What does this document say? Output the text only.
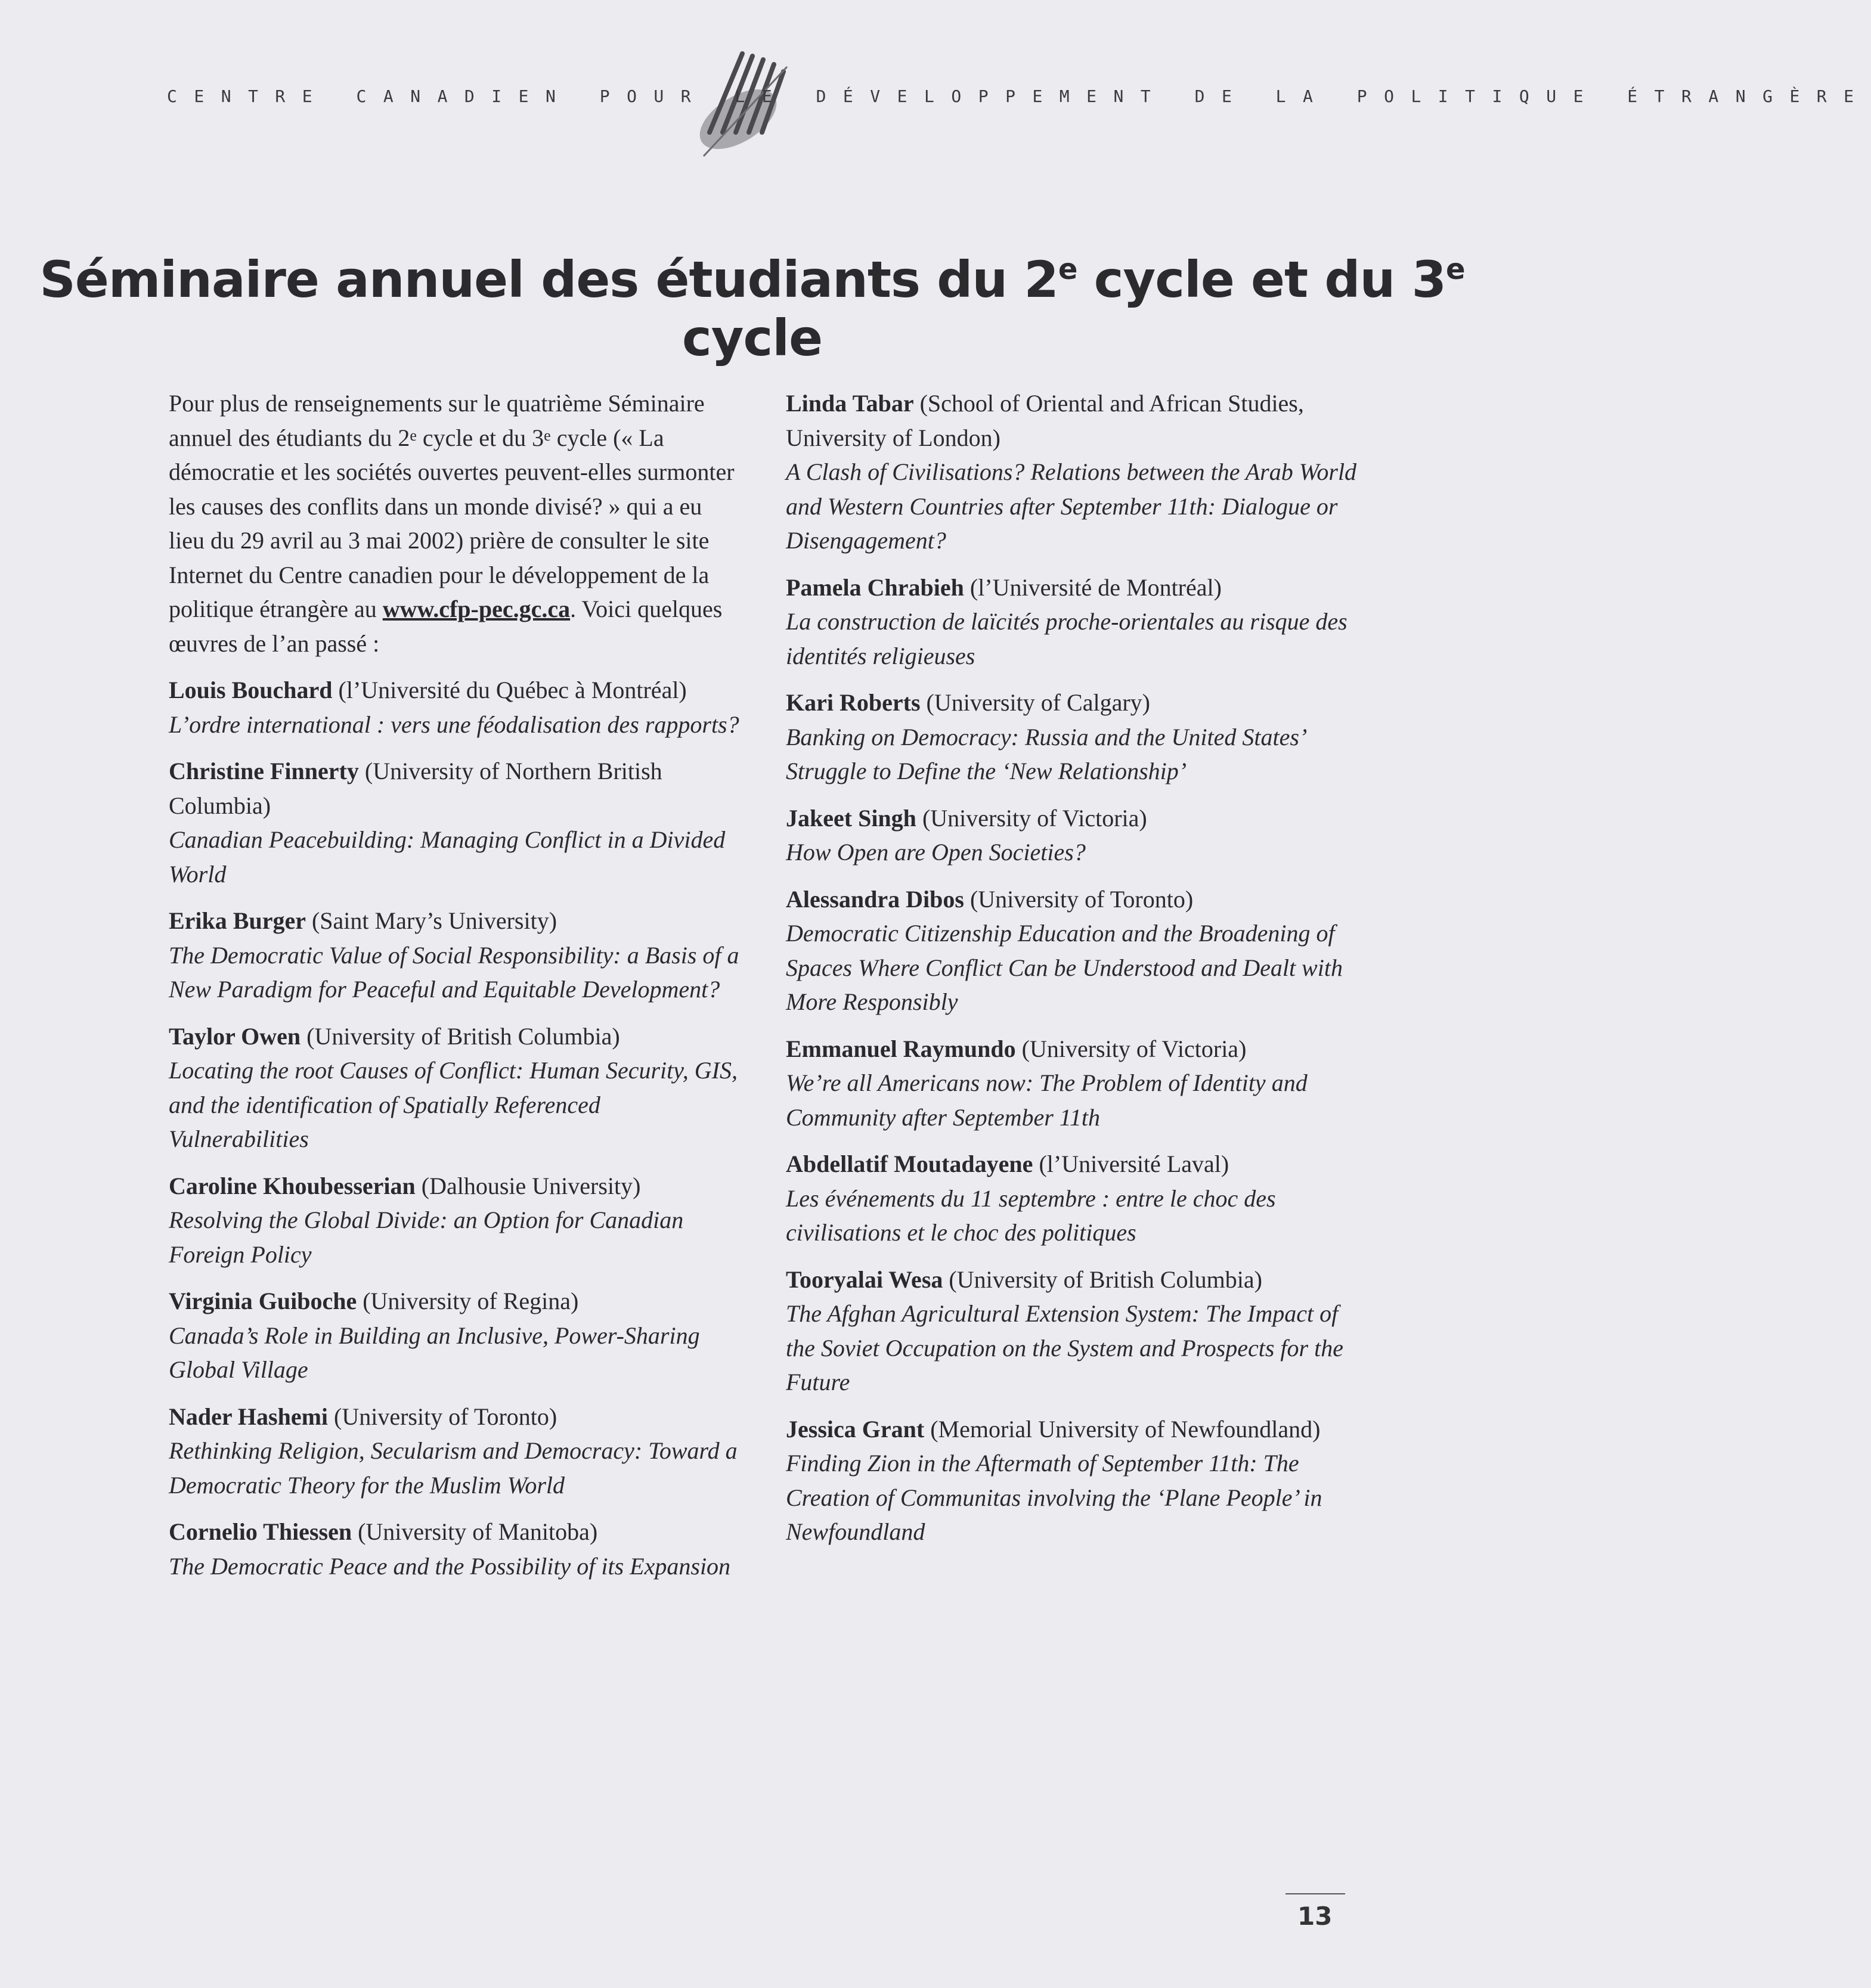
CENTRE CANADIEN POUR LE DÉVELOPPEMENT DE LA POLITIQUE ÉTRANGÈRE
Séminaire annuel des étudiants du 2e cycle et du 3e cycle

Pour plus de renseignements sur le quatrième Séminaire annuel des étudiants du 2e cycle et du 3e cycle (« La démocratie et les sociétés ouvertes peuvent-elles surmonter les causes des conflits dans un monde divisé? » qui a eu lieu du 29 avril au 3 mai 2002) prière de consulter le site Internet du Centre canadien pour le développement de la politique étrangère au www.cfp-pec.gc.ca. Voici quelques œuvres de l’an passé :

Louis Bouchard (l’Université du Québec à Montréal)
L’ordre international : vers une féodalisation des rapports?
Christine Finnerty (University of Northern British Columbia)
Canadian Peacebuilding: Managing Conflict in a Divided World
Erika Burger (Saint Mary’s University)
The Democratic Value of Social Responsibility: a Basis of a New Paradigm for Peaceful and Equitable Development?
Taylor Owen (University of British Columbia)
Locating the root Causes of Conflict: Human Security, GIS, and the identification of Spatially Referenced Vulnerabilities
Caroline Khoubesserian (Dalhousie University)
Resolving the Global Divide: an Option for Canadian Foreign Policy
Virginia Guiboche (University of Regina)
Canada’s Role in Building an Inclusive, Power-Sharing Global Village
Nader Hashemi (University of Toronto)
Rethinking Religion, Secularism and Democracy: Toward a Democratic Theory for the Muslim World
Cornelio Thiessen (University of Manitoba)
The Democratic Peace and the Possibility of its Expansion
Linda Tabar (School of Oriental and African Studies, University of London)
A Clash of Civilisations? Relations between the Arab World and Western Countries after September 11th: Dialogue or Disengagement?
Pamela Chrabieh (l’Université de Montréal)
La construction de laïcités proche-orientales au risque des identités religieuses
Kari Roberts (University of Calgary)
Banking on Democracy: Russia and the United States’ Struggle to Define the ‘New Relationship’
Jakeet Singh (University of Victoria)
How Open are Open Societies?
Alessandra Dibos (University of Toronto)
Democratic Citizenship Education and the Broadening of Spaces Where Conflict Can be Understood and Dealt with More Responsibly
Emmanuel Raymundo (University of Victoria)
We’re all Americans now: The Problem of Identity and Community after September 11th
Abdellatif Moutadayene (l’Université Laval)
Les événements du 11 septembre : entre le choc des civilisations et le choc des politiques
Tooryalai Wesa (University of British Columbia)
The Afghan Agricultural Extension System: The Impact of the Soviet Occupation on the System and Prospects for the Future
Jessica Grant (Memorial University of Newfoundland)
Finding Zion in the Aftermath of September 11th: The Creation of Communitas involving the ‘Plane People’ in Newfoundland
13
